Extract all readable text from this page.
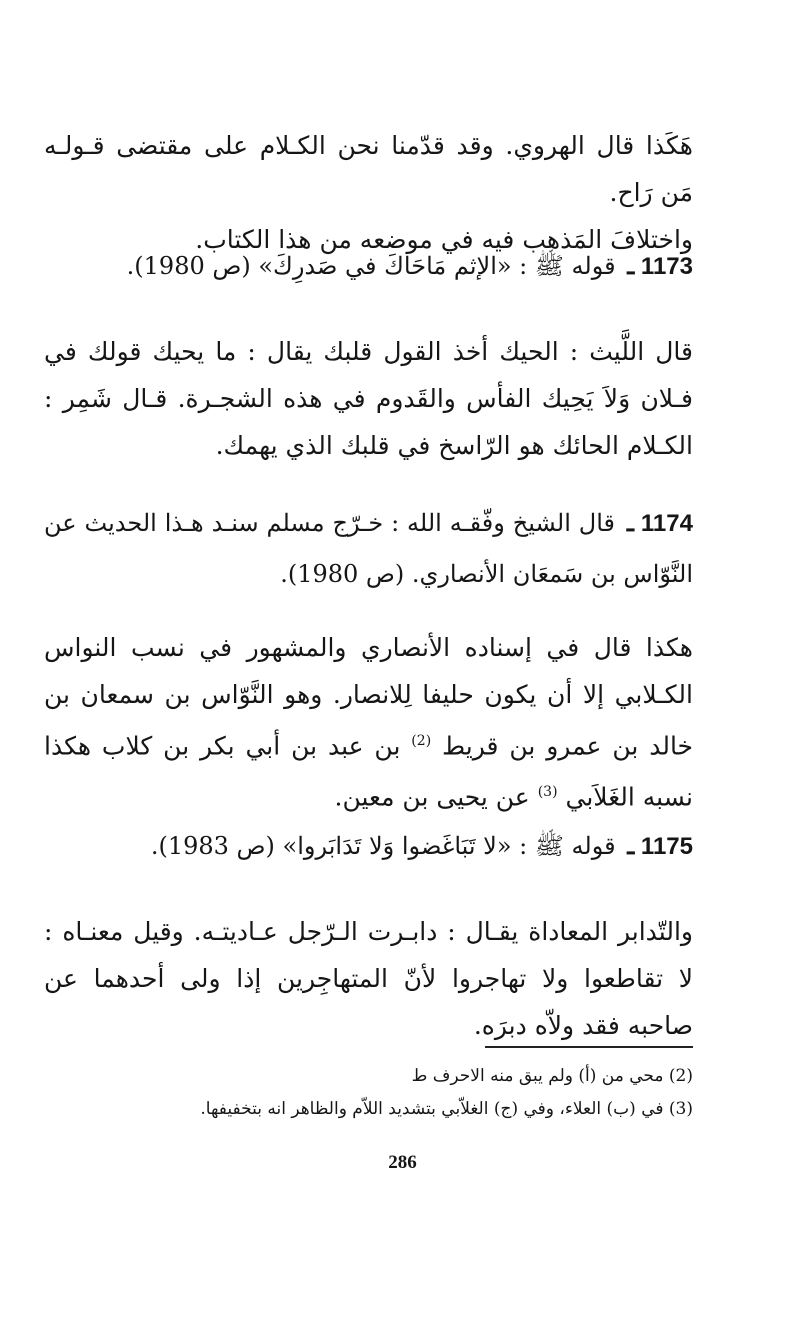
هَكَذا قال الهروي. وقد قدّمنا نحن الكـلام على مقتضى قـولـه مَن رَاح.
واختلافَ المَذهب فيه في موضعه من هذا الكتاب.
1173 ـ قوله ﷺ : «الإثم مَاحَاكَ في صَدرِكَ» (ص 1980).
قال اللَّيث : الحيك أخذ القول قلبك يقال : ما يحيك قولك في فـلان وَلاَ يَحِيك الفأس والقَدوم في هذه الشجـرة. قـال شَمِر : الكـلام الحائك هو الرّاسخ في قلبك الذي يهمك.
1174 ـ قال الشيخ وفّقـه الله : خـرّج مسلم سنـد هـذا الحديث عن النَّوّاس بن سَمعَان الأنصاري. (ص 1980).
هكذا قال في إسناده الأنصاري والمشهور في نسب النواس الكـلابي إلا أن يكون حليفا لِلانصار. وهو النَّوّاس بن سمعان بن خالد بن عمرو بن قريط $^{(2)}$ بن عبد بن أبي بكر بن كلاب هكذا نسبه الغَلاَبي $^{(3)}$ عن يحيى بن معين.
1175 ـ قوله ﷺ : «لا تَبَاغَضوا وَلا تَدَابَروا» (ص 1983).
والتّدابر المعاداة يقـال : دابـرت الـرّجل عـاديتـه. وقيل معنـاه : لا تقاطعوا ولا تهاجروا لأنّ المتهاجِرين إذا ولى أحدهما عن صاحبه فقد ولاّه دبرَه.
(2) محي من (أ) ولم يبق منه الاحرف ط
(3) في (ب) العلاء، وفي (ج) الغلاّبي بتشديد اللاّم والظاهر انه بتخفيفها.
286
